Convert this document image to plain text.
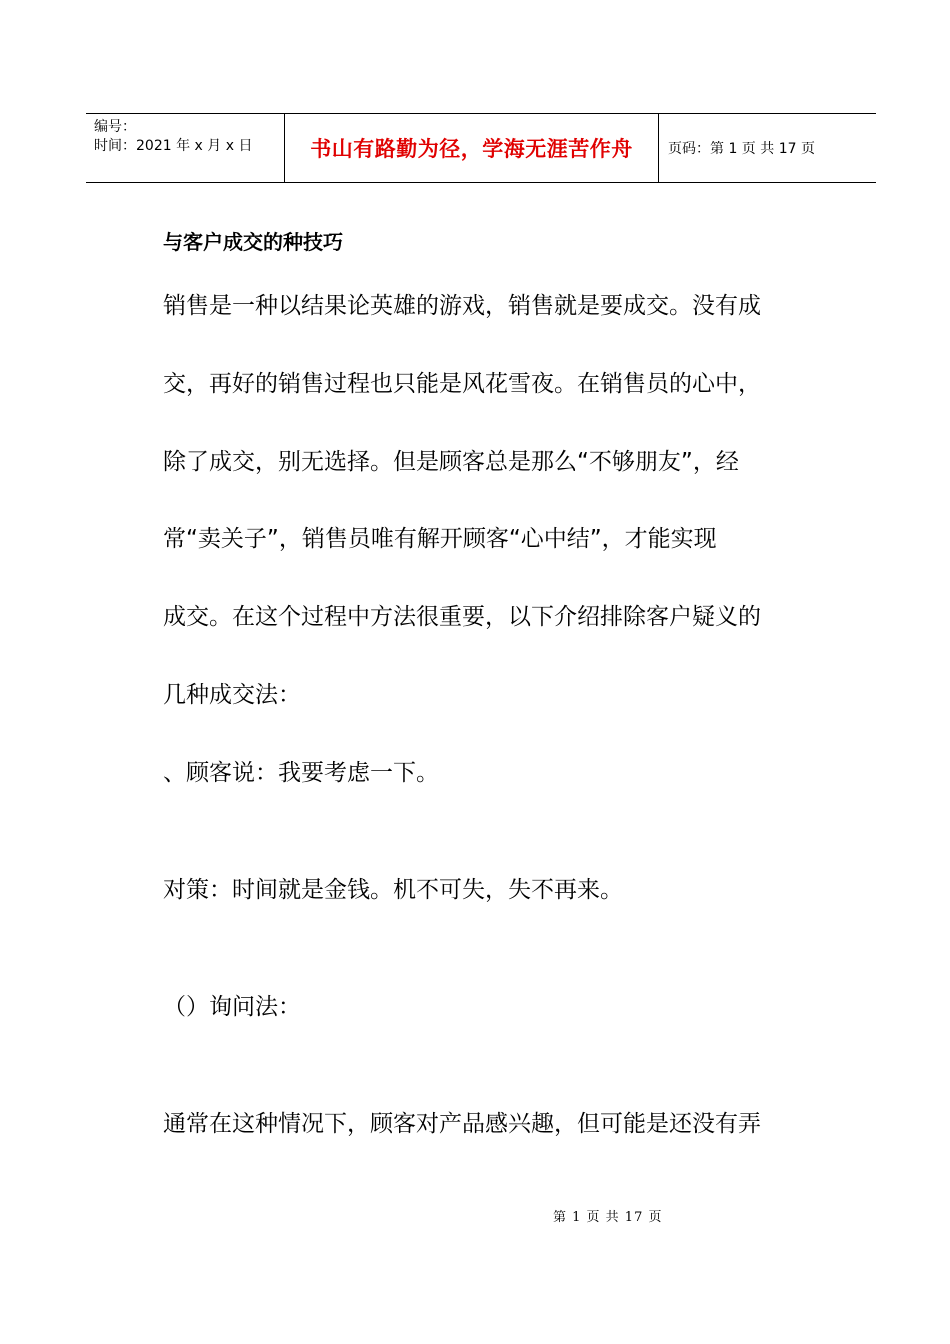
编号：
时间：2021 年 x 月 x 日	书山有路勤为径，学海无涯苦作舟	页码：第 1 页 共 17 页
与客户成交的种技巧
销售是一种以结果论英雄的游戏，销售就是要成交。没有成
交，再好的销售过程也只能是风花雪夜。在销售员的心中，
除了成交，别无选择。但是顾客总是那么“不够朋友”，经
常“卖关子”，销售员唯有解开顾客“心中结”，才能实现
成交。在这个过程中方法很重要，以下介绍排除客户疑义的
几种成交法：
、顾客说：我要考虑一下。
对策：时间就是金钱。机不可失，失不再来。
（）询问法：
通常在这种情况下，顾客对产品感兴趣，但可能是还没有弄
第 1 页 共 17 页
